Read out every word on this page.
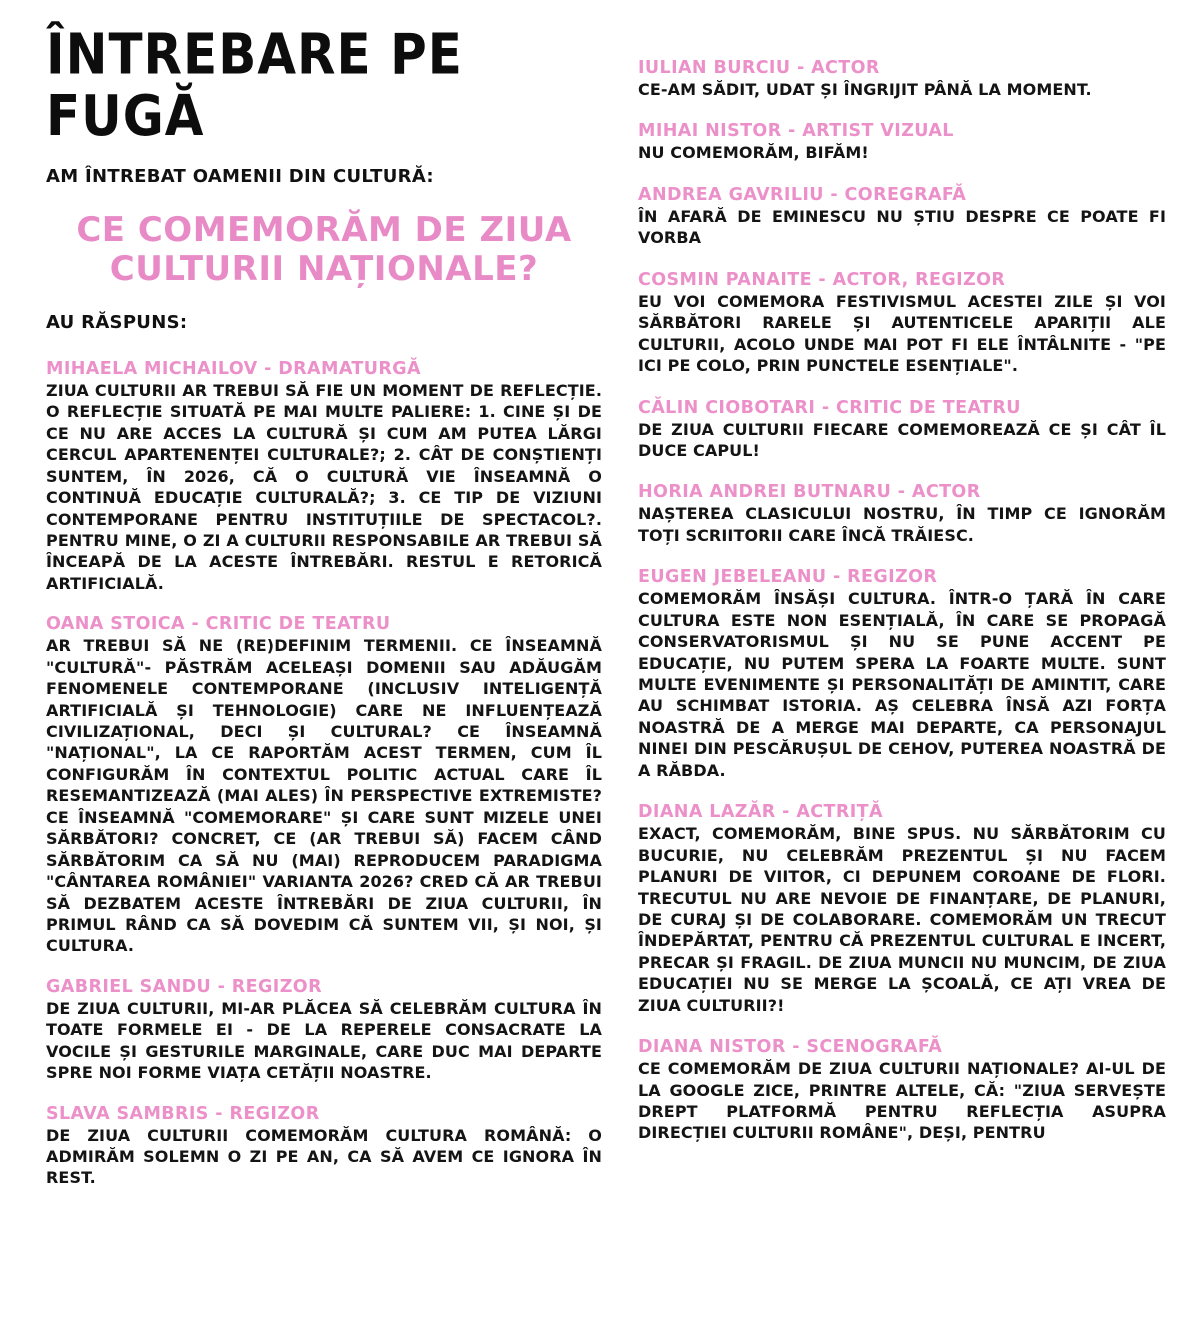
ÎNTREBARE PE FUGĂ

AM ÎNTREBAT OAMENII DIN CULTURĂ:

CE COMEMORĂM DE ZIUA CULTURII NAȚIONALE?

AU RĂSPUNS:

MIHAELA MICHAILOV - DRAMATURGĂ

ZIUA CULTURII AR TREBUI SĂ FIE UN MOMENT DE REFLECȚIE. O REFLECȚIE SITUATĂ PE MAI MULTE PALIERE: 1. CINE ȘI DE CE NU ARE ACCES LA CULTURĂ ȘI CUM AM PUTEA LĂRGI CERCUL APARTENENȚEI CULTURALE?; 2. CÂT DE CONȘTIENȚI SUNTEM, ÎN 2026, CĂ O CULTURĂ VIE ÎNSEAMNĂ O CONTINUĂ EDUCAȚIE CULTURALĂ?; 3. CE TIP DE VIZIUNI CONTEMPORANE PENTRU INSTITUȚIILE DE SPECTACOL?. PENTRU MINE, O ZI A CULTURII RESPONSABILE AR TREBUI SĂ ÎNCEAPĂ DE LA ACESTE ÎNTREBĂRI. RESTUL E RETORICĂ ARTIFICIALĂ.

OANA STOICA - CRITIC DE TEATRU

AR TREBUI SĂ NE (RE)DEFINIM TERMENII. CE ÎNSEAMNĂ "CULTURĂ"- PĂSTRĂM ACELEAȘI DOMENII SAU ADĂUGĂM FENOMENELE CONTEMPORANE (INCLUSIV INTELIGENȚĂ ARTIFICIALĂ ȘI TEHNOLOGIE) CARE NE INFLUENȚEAZĂ CIVILIZAȚIONAL, DECI ȘI CULTURAL? CE ÎNSEAMNĂ "NAȚIONAL", LA CE RAPORTĂM ACEST TERMEN, CUM ÎL CONFIGURĂM ÎN CONTEXTUL POLITIC ACTUAL CARE ÎL RESEMANTIZEAZĂ (MAI ALES) ÎN PERSPECTIVE EXTREMISTE? CE ÎNSEAMNĂ "COMEMORARE" ȘI CARE SUNT MIZELE UNEI SĂRBĂTORI? CONCRET, CE (AR TREBUI SĂ) FACEM CÂND SĂRBĂTORIM CA SĂ NU (MAI) REPRODUCEM PARADIGMA "CÂNTAREA ROMÂNIEI" VARIANTA 2026? CRED CĂ AR TREBUI SĂ DEZBATEM ACESTE ÎNTREBĂRI DE ZIUA CULTURII, ÎN PRIMUL RÂND CA SĂ DOVEDIM CĂ SUNTEM VII, ȘI NOI, ȘI CULTURA.

GABRIEL SANDU - REGIZOR

DE ZIUA CULTURII, MI-AR PLĂCEA SĂ CELEBRĂM CULTURA ÎN TOATE FORMELE EI - DE LA REPERELE CONSACRATE LA VOCILE ȘI GESTURILE MARGINALE, CARE DUC MAI DEPARTE SPRE NOI FORME VIAȚA CETĂȚII NOASTRE.

SLAVA SAMBRIS - REGIZOR

DE ZIUA CULTURII COMEMORĂM CULTURA ROMÂNĂ: O ADMIRĂM SOLEMN O ZI PE AN, CA SĂ AVEM CE IGNORA ÎN REST.

IULIAN BURCIU - ACTOR

CE-AM SĂDIT, UDAT ȘI ÎNGRIJIT PÂNĂ LA MOMENT.

MIHAI NISTOR - ARTIST VIZUAL

NU COMEMORĂM, BIFĂM!

ANDREA GAVRILIU - COREGRAFĂ

ÎN AFARĂ DE EMINESCU NU ȘTIU DESPRE CE POATE FI VORBA

COSMIN PANAITE - ACTOR, REGIZOR

EU VOI COMEMORA FESTIVISMUL ACESTEI ZILE ȘI VOI SĂRBĂTORI RARELE ȘI AUTENTICELE APARIȚII ALE CULTURII, ACOLO UNDE MAI POT FI ELE ÎNTÂLNITE - "PE ICI PE COLO, PRIN PUNCTELE ESENȚIALE".

CĂLIN CIOBOTARI - CRITIC DE TEATRU

DE ZIUA CULTURII FIECARE COMEMOREAZĂ CE ȘI CÂT ÎL DUCE CAPUL!

HORIA ANDREI BUTNARU - ACTOR

NAȘTEREA CLASICULUI NOSTRU, ÎN TIMP CE IGNORĂM TOȚI SCRIITORII CARE ÎNCĂ TRĂIESC.

EUGEN JEBELEANU - REGIZOR

COMEMORĂM ÎNSĂȘI CULTURA. ÎNTR-O ȚARĂ ÎN CARE CULTURA ESTE NON ESENȚIALĂ, ÎN CARE SE PROPAGĂ CONSERVATORISMUL ȘI NU SE PUNE ACCENT PE EDUCAȚIE, NU PUTEM SPERA LA FOARTE MULTE. SUNT MULTE EVENIMENTE ȘI PERSONALITĂȚI DE AMINTIT, CARE AU SCHIMBAT ISTORIA. AȘ CELEBRA ÎNSĂ AZI FORȚA NOASTRĂ DE A MERGE MAI DEPARTE, CA PERSONAJUL NINEI DIN PESCĂRUȘUL DE CEHOV, PUTEREA NOASTRĂ DE A RĂBDA.

DIANA LAZĂR - ACTRIȚĂ

EXACT, COMEMORĂM, BINE SPUS. NU SĂRBĂTORIM CU BUCURIE, NU CELEBRĂM PREZENTUL ȘI NU FACEM PLANURI DE VIITOR, CI DEPUNEM COROANE DE FLORI. TRECUTUL NU ARE NEVOIE DE FINANȚARE, DE PLANURI, DE CURAJ ȘI DE COLABORARE. COMEMORĂM UN TRECUT ÎNDEPĂRTAT, PENTRU CĂ PREZENTUL CULTURAL E INCERT, PRECAR ȘI FRAGIL. DE ZIUA MUNCII NU MUNCIM, DE ZIUA EDUCAȚIEI NU SE MERGE LA ȘCOALĂ, CE AȚI VREA DE ZIUA CULTURII?!

DIANA NISTOR - SCENOGRAFĂ

CE COMEMORĂM DE ZIUA CULTURII NAȚIONALE? AI-UL DE LA GOOGLE ZICE, PRINTRE ALTELE, CĂ: "ZIUA SERVEȘTE DREPT PLATFORMĂ PENTRU REFLECȚIA ASUPRA DIRECȚIEI CULTURII ROMÂNE", DEȘI, PENTRU
